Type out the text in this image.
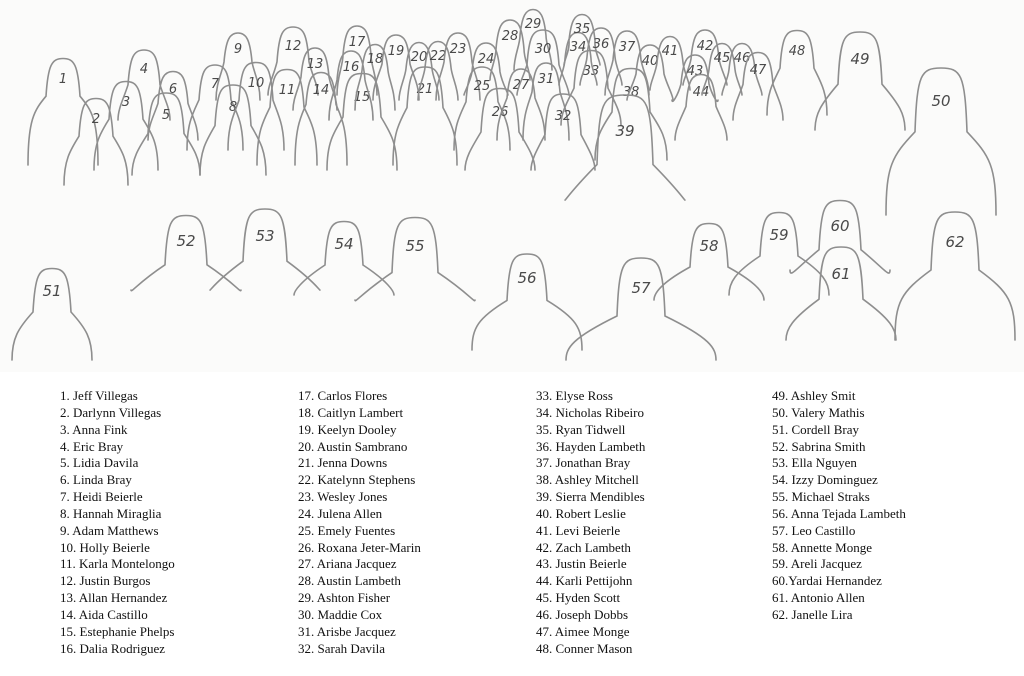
1
2
3
4
5
6	7
8
9
10 11
12
13
14 15
16
17
18
19 20
21
22 23
24
25
26
27
28
29
30
31
32
33
34
35
36 37
38
39
40
41 42
43
44
45 46
47
48	49
50
51
52	53	54	55
56
57
58
59	60
61
62

1. Jeff Villegas

2. Darlynn Villegas

3. Anna Fink

4. Eric Bray

5. Lidia Davila

6. Linda Bray

7. Heidi Beierle

8. Hannah Miraglia

9. Adam Matthews

10. Holly Beierle

11. Karla Montelongo

12. Justin Burgos

13. Allan Hernandez

14. Aida Castillo

15. Estephanie Phelps

16. Dalia Rodriguez

17. Carlos Flores

18. Caitlyn Lambert

19. Keelyn Dooley

20. Austin Sambrano

21. Jenna Downs

22. Katelynn Stephens

23. Wesley Jones

24. Julena Allen

25. Emely Fuentes

26. Roxana Jeter-Marin

27. Ariana Jacquez

28. Austin Lambeth

29. Ashton Fisher

30. Maddie Cox

31. Arisbe Jacquez

32. Sarah Davila

33. Elyse Ross

34. Nicholas Ribeiro

35. Ryan Tidwell

36. Hayden Lambeth

37. Jonathan Bray

38. Ashley Mitchell

39. Sierra Mendibles

40. Robert Leslie

41. Levi Beierle

42. Zach Lambeth

43. Justin Beierle

44. Karli Pettijohn

45. Hyden Scott

46. Joseph Dobbs

47. Aimee Monge

48. Conner Mason

49. Ashley Smit

50. Valery Mathis

51. Cordell Bray

52. Sabrina Smith

53. Ella Nguyen

54. Izzy Dominguez

55. Michael Straks

56. Anna Tejada Lambeth

57. Leo Castillo

58. Annette Monge

59. Areli Jacquez

60.Yardai Hernandez

61. Antonio Allen

62. Janelle Lira
